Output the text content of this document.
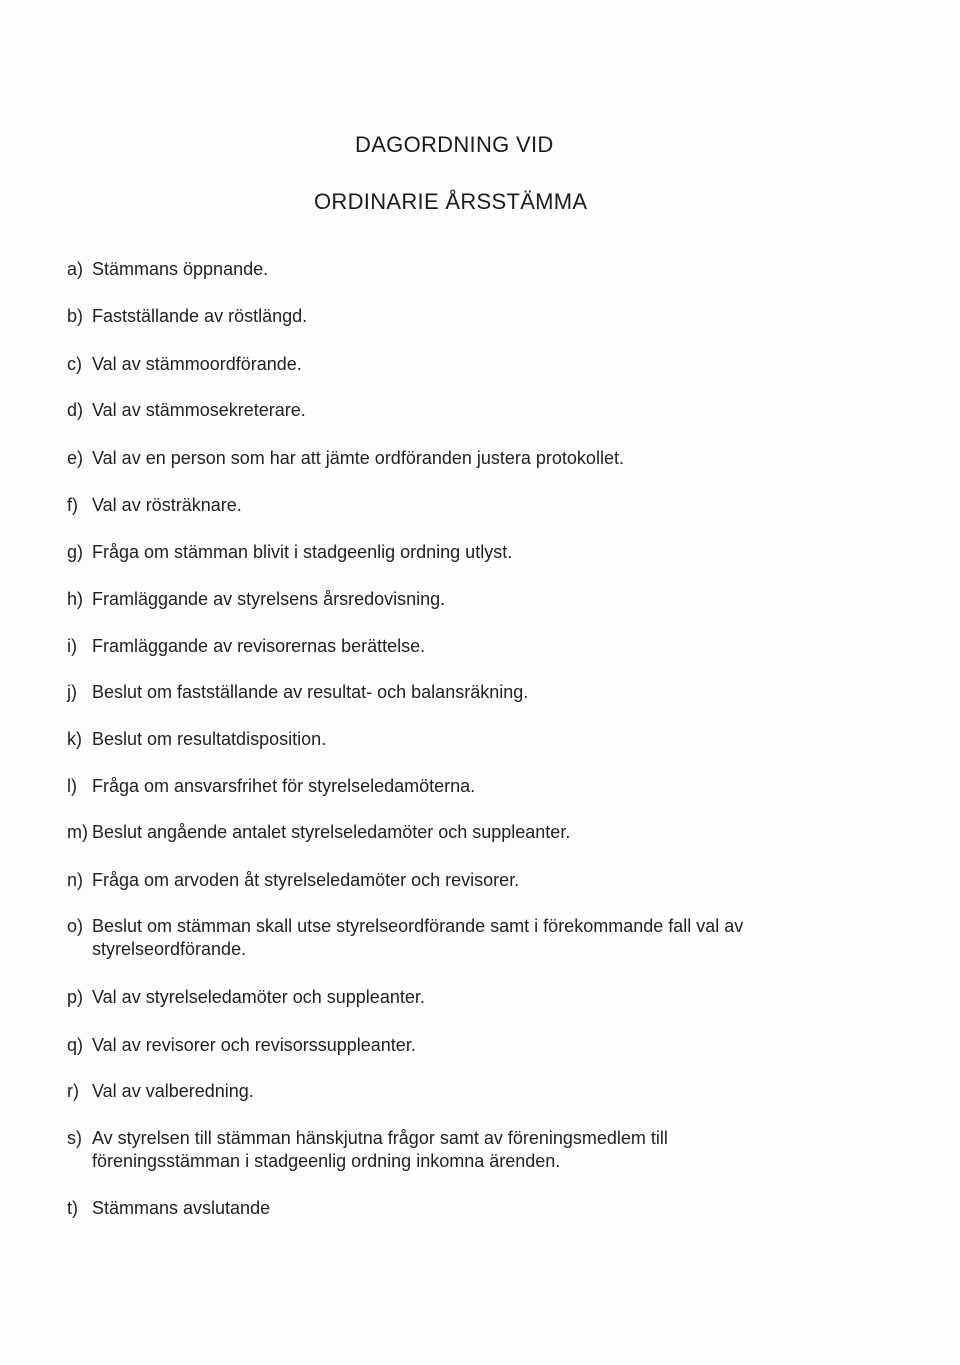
DAGORDNING VID
ORDINARIE ÅRSSTÄMMA
a) Stämmans öppnande.
b) Fastställande av röstlängd.
c) Val av stämmoordförande.
d) Val av stämmosekreterare.
e) Val av en person som har att jämte ordföranden justera protokollet.
f) Val av rösträknare.
g) Fråga om stämman blivit i stadgeenlig ordning utlyst.
h) Framläggande av styrelsens årsredovisning.
i) Framläggande av revisorernas berättelse.
j) Beslut om fastställande av resultat- och balansräkning.
k) Beslut om resultatdisposition.
l) Fråga om ansvarsfrihet för styrelseledamöterna.
m) Beslut angående antalet styrelseledamöter och suppleanter.
n) Fråga om arvoden åt styrelseledamöter och revisorer.
o) Beslut om stämman skall utse styrelseordförande samt i förekommande fall val av styrelseordförande.
p) Val av styrelseledamöter och suppleanter.
q) Val av revisorer och revisorssuppleanter.
r) Val av valberedning.
s) Av styrelsen till stämman hänskjutna frågor samt av föreningsmedlem till föreningsstämman i stadgeenlig ordning inkomna ärenden.
t) Stämmans avslutande
